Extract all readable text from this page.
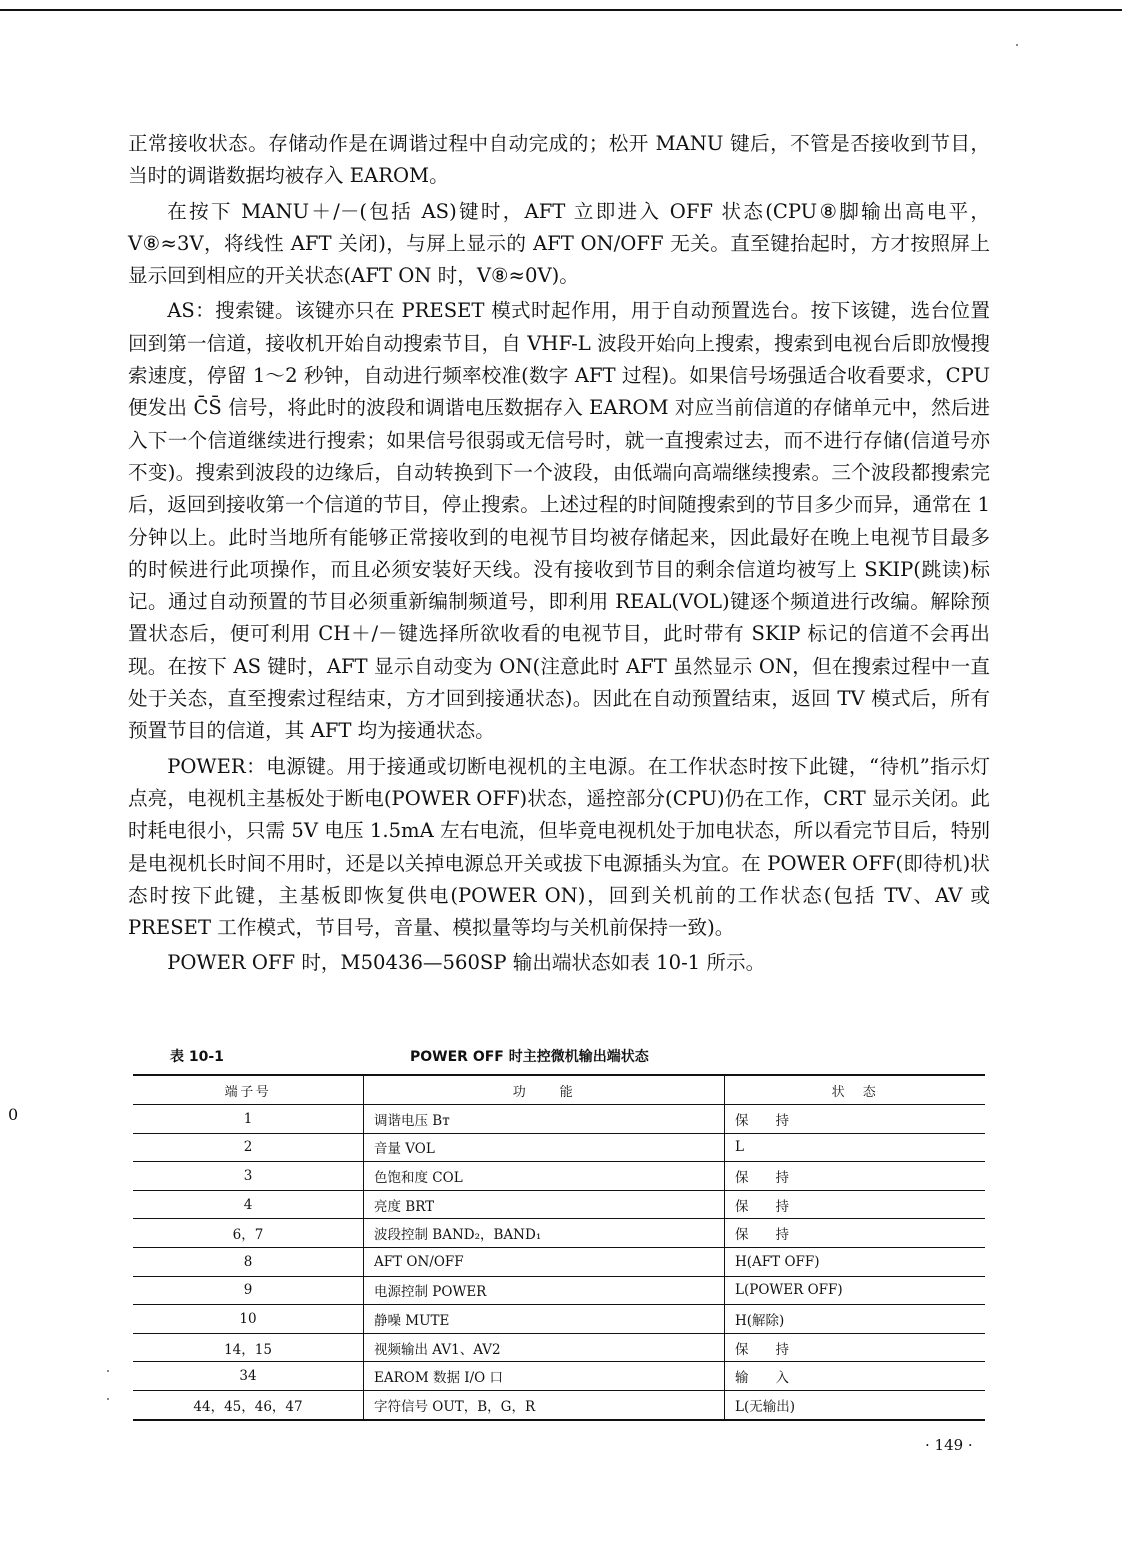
0

正常接收状态。存储动作是在调谐过程中自动完成的；松开 MANU 键后，不管是否接收到节目，当时的调谐数据均被存入 EAROM。

在按下 MANU＋/－(包括 AS)键时，AFT 立即进入 OFF 状态(CPU⑧脚输出高电平，V⑧≈3V，将线性 AFT 关闭)，与屏上显示的 AFT ON/OFF 无关。直至键抬起时，方才按照屏上显示回到相应的开关状态(AFT ON 时，V⑧≈0V)。

AS：搜索键。该键亦只在 PRESET 模式时起作用，用于自动预置选台。按下该键，选台位置回到第一信道，接收机开始自动搜索节目，自 VHF-L 波段开始向上搜索，搜索到电视台后即放慢搜索速度，停留 1～2 秒钟，自动进行频率校准(数字 AFT 过程)。如果信号场强适合收看要求，CPU 便发出 C̄S̄ 信号，将此时的波段和调谐电压数据存入 EAROM 对应当前信道的存储单元中，然后进入下一个信道继续进行搜索；如果信号很弱或无信号时，就一直搜索过去，而不进行存储(信道号亦不变)。搜索到波段的边缘后，自动转换到下一个波段，由低端向高端继续搜索。三个波段都搜索完后，返回到接收第一个信道的节目，停止搜索。上述过程的时间随搜索到的节目多少而异，通常在 1 分钟以上。此时当地所有能够正常接收到的电视节目均被存储起来，因此最好在晚上电视节目最多的时候进行此项操作，而且必须安装好天线。没有接收到节目的剩余信道均被写上 SKIP(跳读)标记。通过自动预置的节目必须重新编制频道号，即利用 REAL(VOL)键逐个频道进行改编。解除预置状态后，便可利用 CH＋/－键选择所欲收看的电视节目，此时带有 SKIP 标记的信道不会再出现。在按下 AS 键时，AFT 显示自动变为 ON(注意此时 AFT 虽然显示 ON，但在搜索过程中一直处于关态，直至搜索过程结束，方才回到接通状态)。因此在自动预置结束，返回 TV 模式后，所有预置节目的信道，其 AFT 均为接通状态。

POWER：电源键。用于接通或切断电视机的主电源。在工作状态时按下此键，“待机”指示灯点亮，电视机主基板处于断电(POWER OFF)状态，遥控部分(CPU)仍在工作，CRT 显示关闭。此时耗电很小，只需 5V 电压 1.5mA 左右电流，但毕竟电视机处于加电状态，所以看完节目后，特别是电视机长时间不用时，还是以关掉电源总开关或拔下电源插头为宜。在 POWER OFF(即待机)状态时按下此键，主基板即恢复供电(POWER ON)，回到关机前的工作状态(包括 TV、AV 或 PRESET 工作模式，节目号，音量、模拟量等均与关机前保持一致)。

POWER OFF 时，M50436—560SP 输出端状态如表 10-1 所示。

表 10-1	POWER OFF 时主控微机输出端状态
端子号	功　　能	状　态
1	调谐电压 Bт	保　　持
2	音量 VOL	L
3	色饱和度 COL	保　　持
4	亮度 BRT	保　　持
6，7	波段控制 BAND₂，BAND₁	保　　持
8	AFT ON/OFF	H(AFT OFF)
9	电源控制 POWER	L(POWER OFF)
10	静噪 MUTE	H(解除)
14，15	视频输出 AV1、AV2	保　　持
34	EAROM 数据 I/O 口	输　　入
44，45，46，47	字符信号 OUT，B，G，R	L(无输出)
· 149 ·
